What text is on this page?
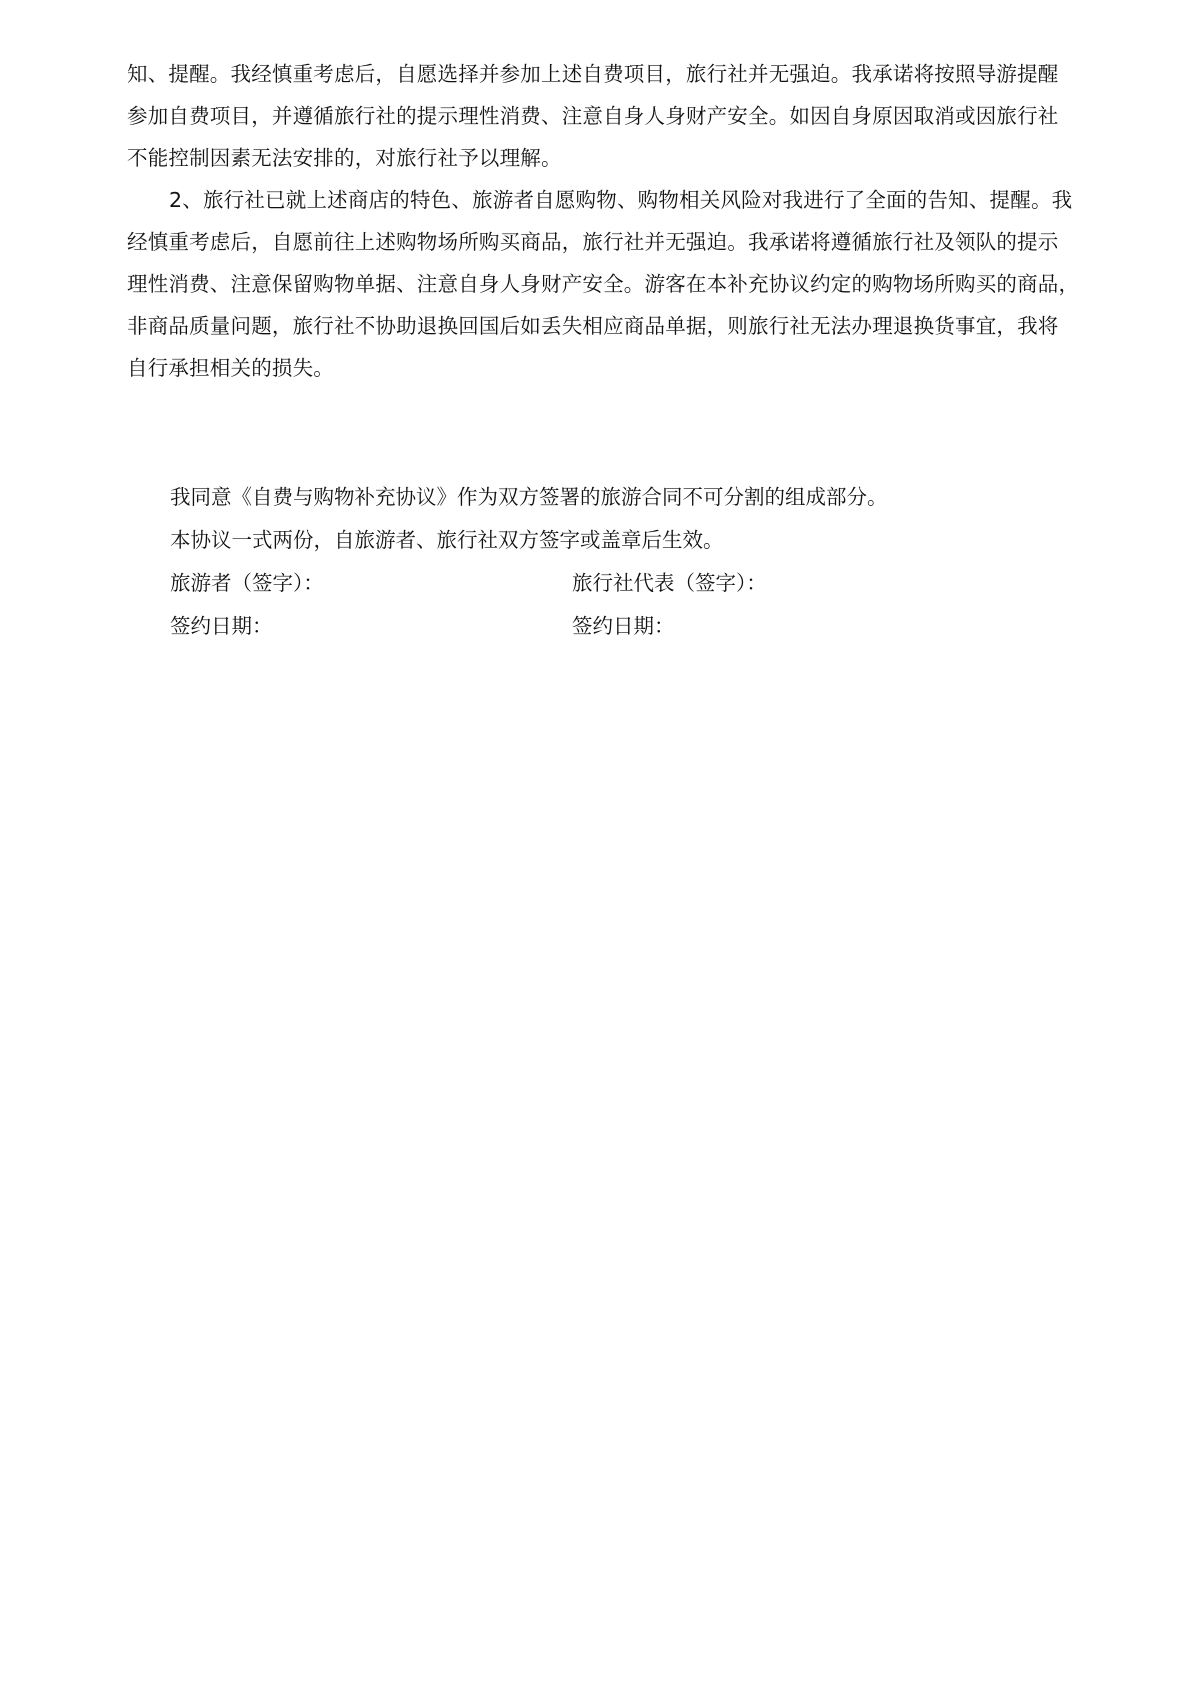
知、提醒。我经慎重考虑后，自愿选择并参加上述自费项目，旅行社并无强迫。我承诺将按照导游提醒
参加自费项目，并遵循旅行社的提示理性消费、注意自身人身财产安全。如因自身原因取消或因旅行社
不能控制因素无法安排的，对旅行社予以理解。
2、旅行社已就上述商店的特色、旅游者自愿购物、购物相关风险对我进行了全面的告知、提醒。我
经慎重考虑后，自愿前往上述购物场所购买商品，旅行社并无强迫。我承诺将遵循旅行社及领队的提示
理性消费、注意保留购物单据、注意自身人身财产安全。游客在本补充协议约定的购物场所购买的商品，
非商品质量问题，旅行社不协助退换回国后如丢失相应商品单据，则旅行社无法办理退换货事宜，我将
自行承担相关的损失。
我同意《自费与购物补充协议》作为双方签署的旅游合同不可分割的组成部分。
本协议一式两份，自旅游者、旅行社双方签字或盖章后生效。
旅游者（签字）：	旅行社代表（签字）：
签约日期：	签约日期：
